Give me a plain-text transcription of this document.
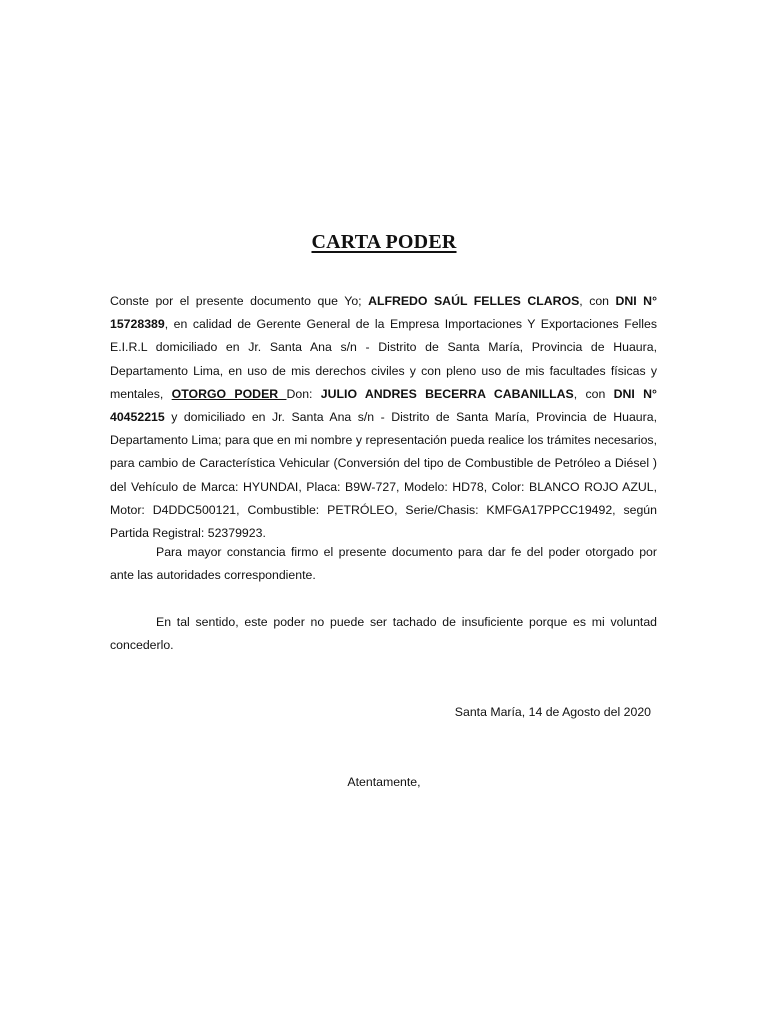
CARTA PODER
Conste por el presente documento que Yo; ALFREDO SAÚL FELLES CLAROS, con DNI N° 15728389, en calidad de Gerente General de la Empresa Importaciones Y Exportaciones Felles E.I.R.L domiciliado en Jr. Santa Ana s/n - Distrito de Santa María, Provincia de Huaura, Departamento Lima, en uso de mis derechos civiles y con pleno uso de mis facultades físicas y mentales, OTORGO PODER Don: JULIO ANDRES BECERRA CABANILLAS, con DNI N° 40452215 y domiciliado en Jr. Santa Ana s/n - Distrito de Santa María, Provincia de Huaura, Departamento Lima; para que en mi nombre y representación pueda realice los trámites necesarios, para cambio de Característica Vehicular (Conversión del tipo de Combustible de Petróleo a Diésel ) del Vehículo de Marca: HYUNDAI, Placa: B9W-727, Modelo: HD78, Color: BLANCO ROJO AZUL, Motor: D4DDC500121, Combustible: PETRÓLEO, Serie/Chasis: KMFGA17PPCC19492, según Partida Registral: 52379923.
Para mayor constancia firmo el presente documento para dar fe del poder otorgado por ante las autoridades correspondiente.
En tal sentido, este poder no puede ser tachado de insuficiente porque es mi voluntad concederlo.
Santa María, 14 de Agosto del 2020
Atentamente,
